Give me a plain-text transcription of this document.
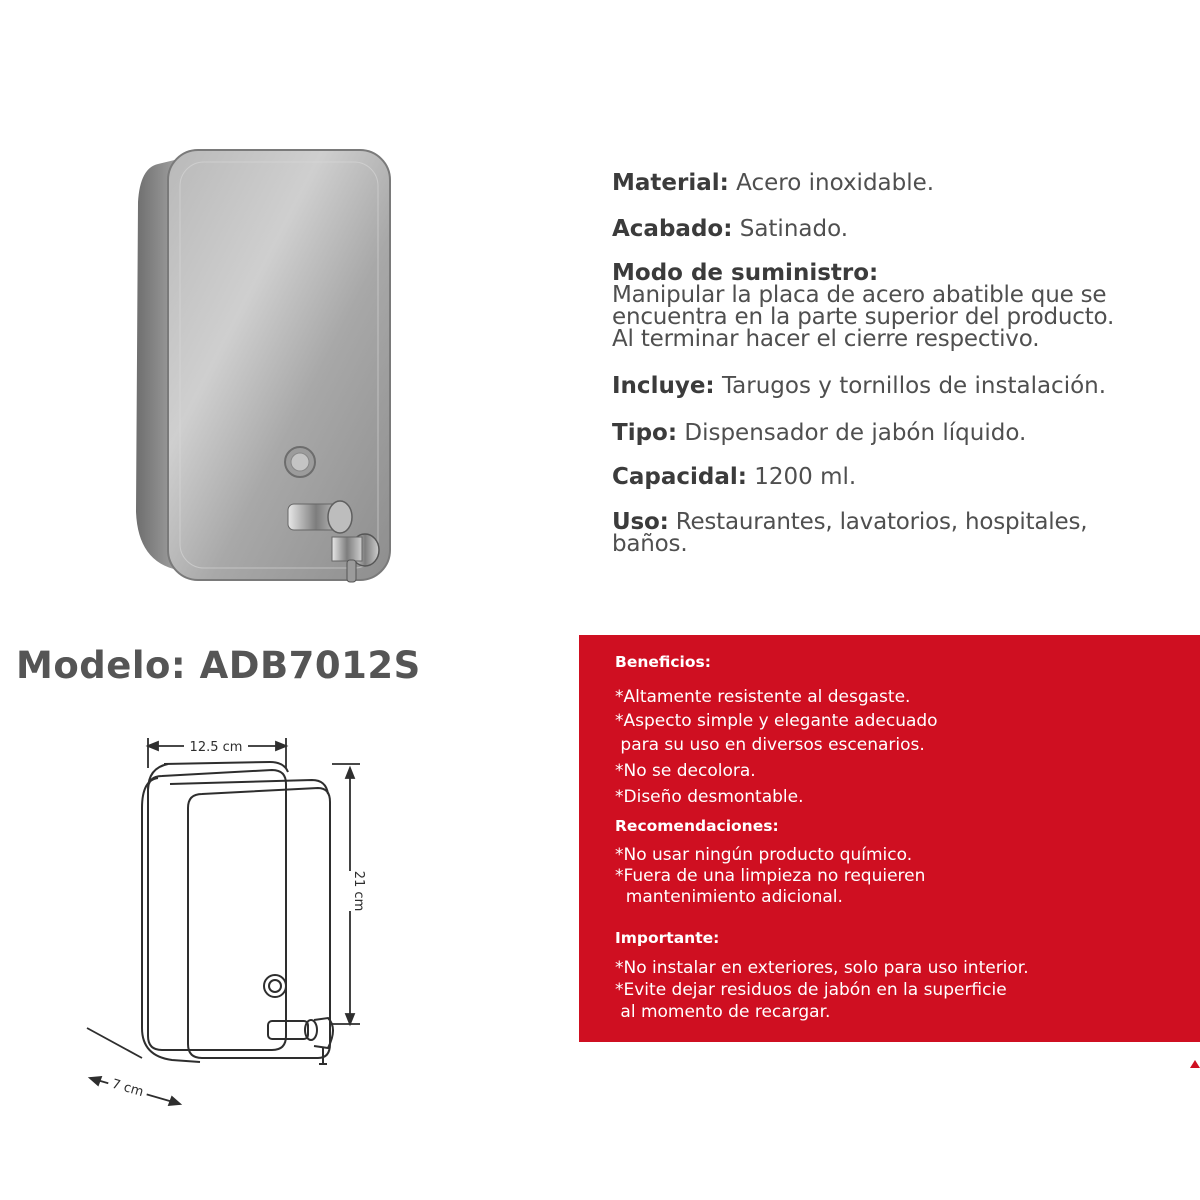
Material: Acero inoxidable.
Acabado: Satinado.
Modo de suministro:
Manipular la placa de acero abatible que se
encuentra en la parte superior del producto.
Al terminar hacer el cierre respectivo.
Incluye: Tarugos y tornillos de instalación.
Tipo: Dispensador de jabón líquido.
Capacidal: 1200 ml.
Uso: Restaurantes, lavatorios, hospitales,
baños.
Modelo: ADB7012S
12.5 cm
21 cm
7 cm
Beneficios:
*Altamente resistente al desgaste.
*Aspecto simple y elegante adecuado
para su uso en diversos escenarios.
*No se decolora.
*Diseño desmontable.
Recomendaciones:
*No usar ningún producto químico.
*Fuera de una limpieza no requieren
mantenimiento adicional.
Importante:
*No instalar en exteriores, solo para uso interior.
*Evite dejar residuos de jabón en la superficie
al momento de recargar.
